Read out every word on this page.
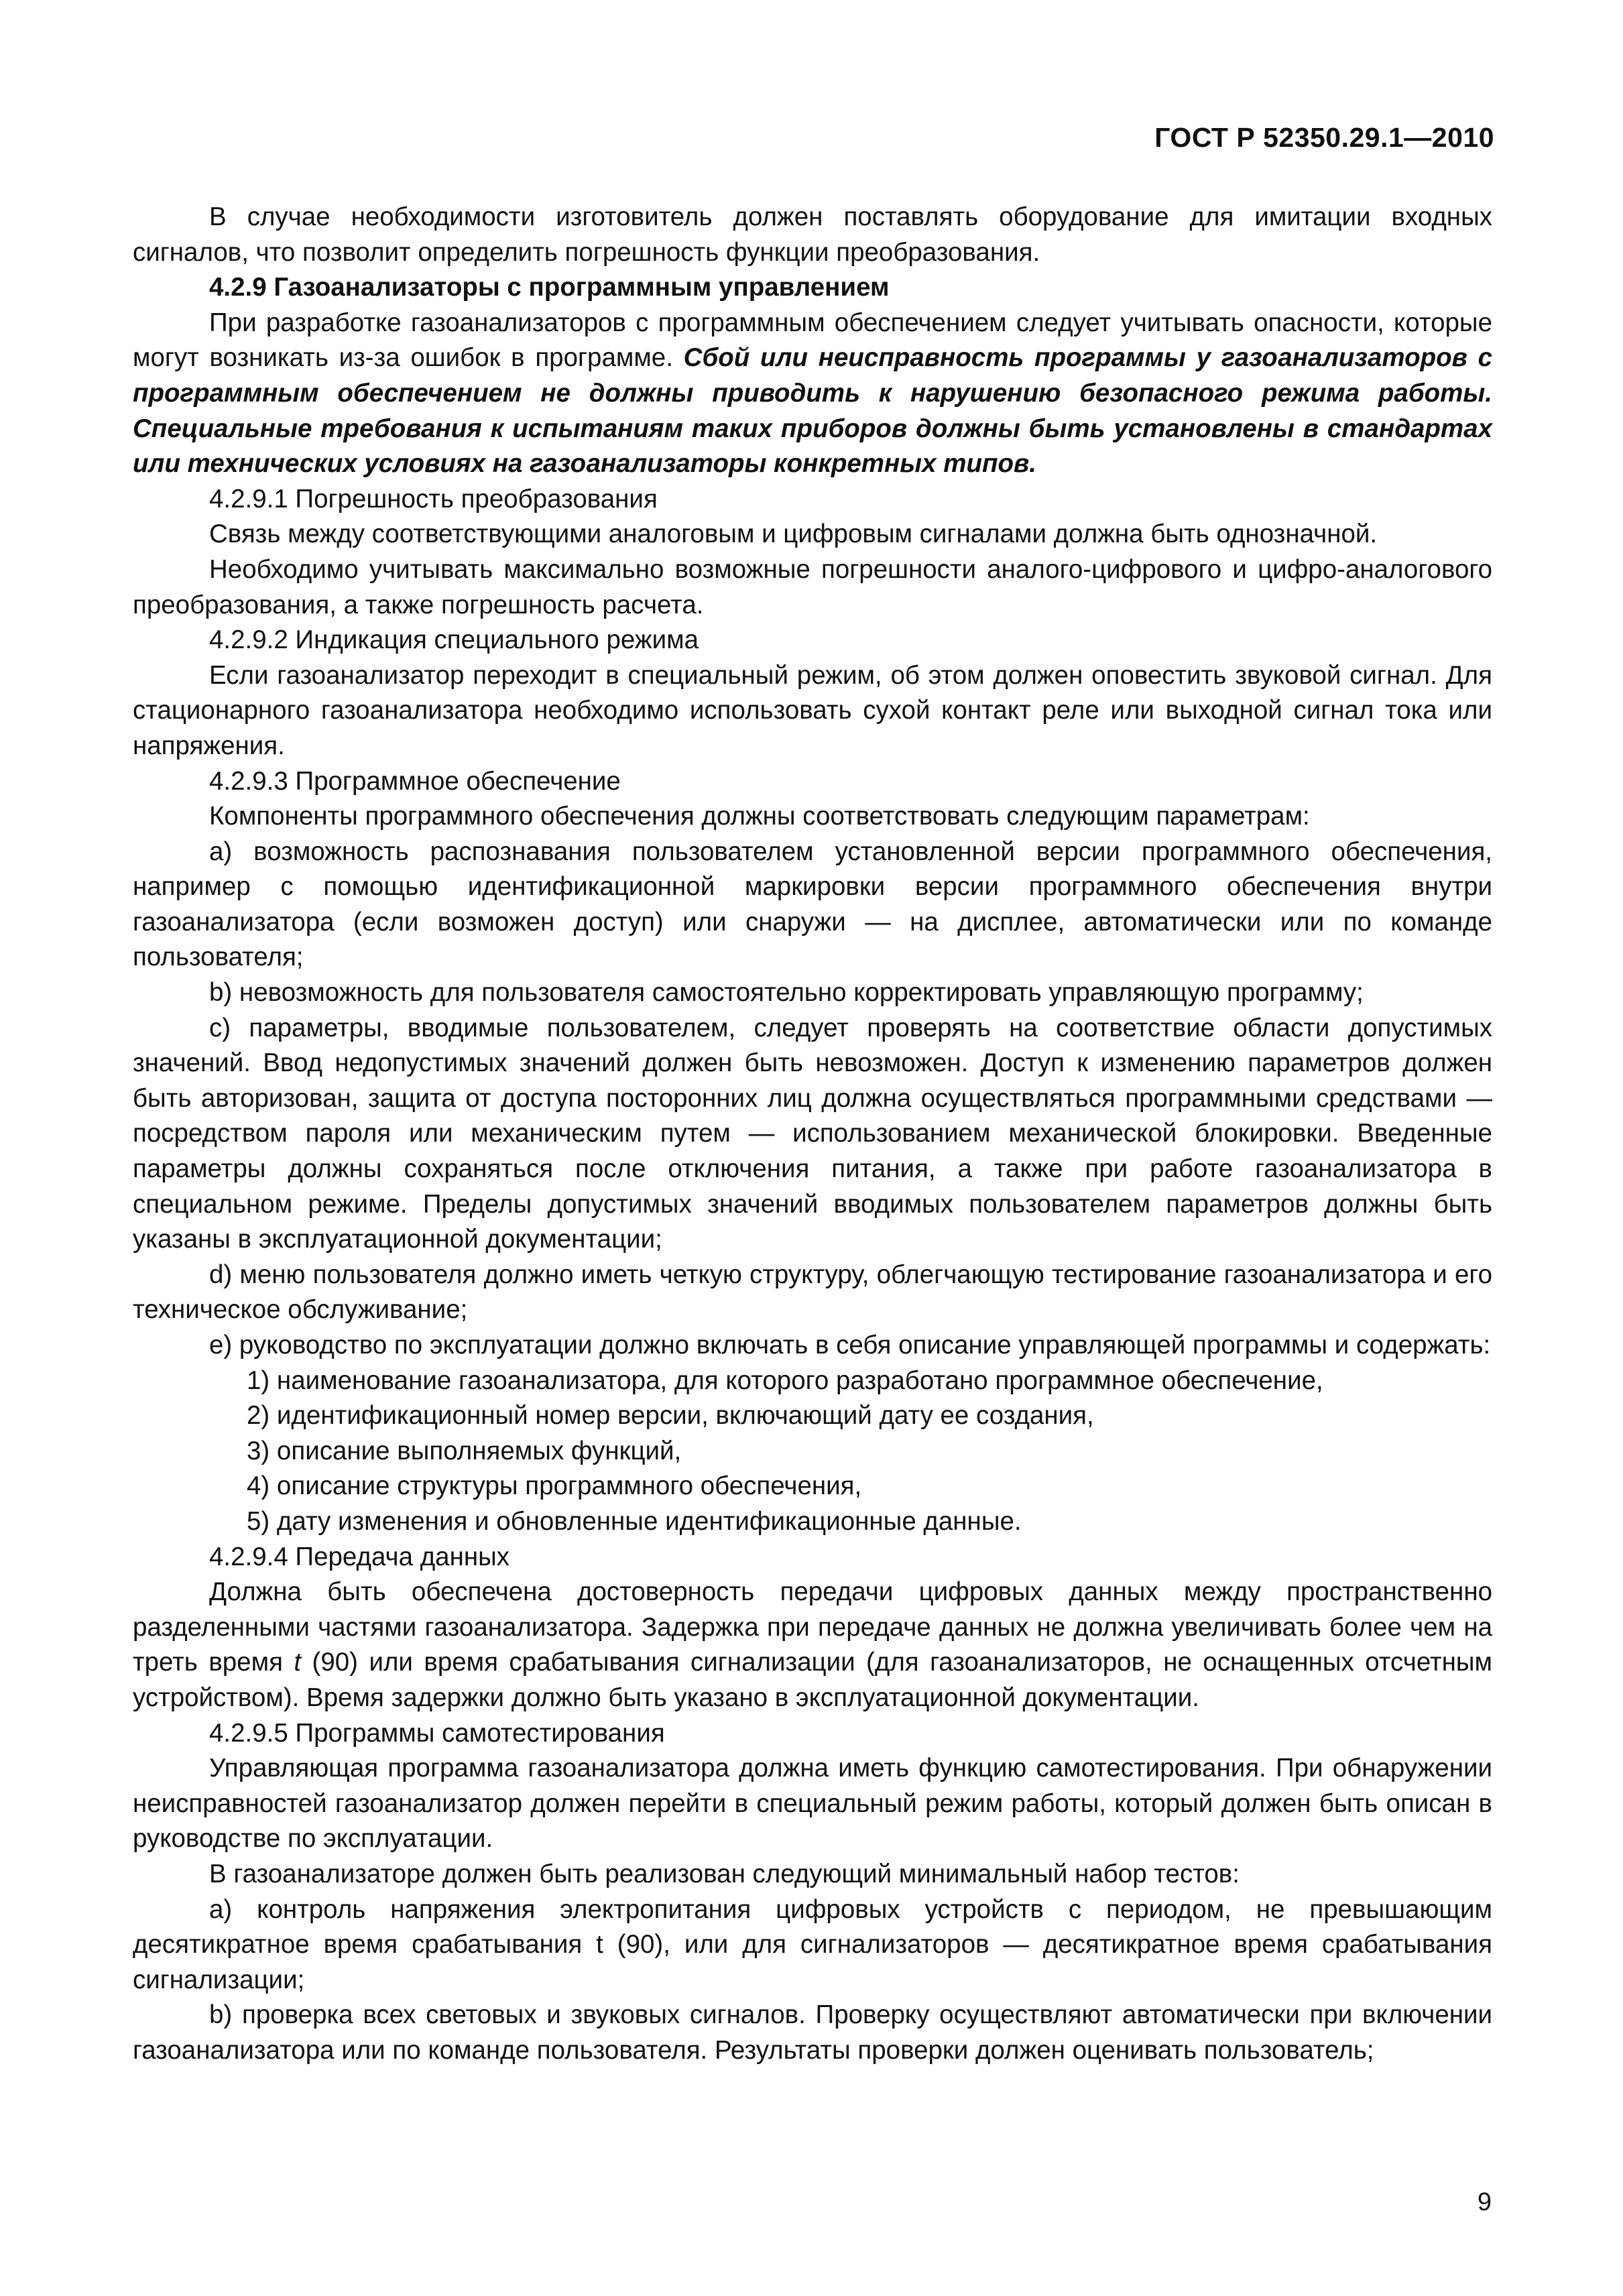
ГОСТ Р 52350.29.1—2010

В случае необходимости изготовитель должен поставлять оборудование для имитации входных сигналов, что позволит определить погрешность функции преобразования.

4.2.9 Газоанализаторы с программным управлением

При разработке газоанализаторов с программным обеспечением следует учитывать опасности, которые могут возникать из-за ошибок в программе. Сбой или неисправность программы у газоанализаторов с программным обеспечением не должны приводить к нарушению безопасного режима работы. Специальные требования к испытаниям таких приборов должны быть установлены в стандартах или технических условиях на газоанализаторы конкретных типов.

4.2.9.1 Погрешность преобразования

Связь между соответствующими аналоговым и цифровым сигналами должна быть однозначной.

Необходимо учитывать максимально возможные погрешности аналого-цифрового и цифро-аналогового преобразования, а также погрешность расчета.

4.2.9.2 Индикация специального режима

Если газоанализатор переходит в специальный режим, об этом должен оповестить звуковой сигнал. Для стационарного газоанализатора необходимо использовать сухой контакт реле или выходной сигнал тока или напряжения.

4.2.9.3 Программное обеспечение

Компоненты программного обеспечения должны соответствовать следующим параметрам:

a) возможность распознавания пользователем установленной версии программного обеспечения, например с помощью идентификационной маркировки версии программного обеспечения внутри газоанализатора (если возможен доступ) или снаружи — на дисплее, автоматически или по команде пользователя;

b) невозможность для пользователя самостоятельно корректировать управляющую программу;

c) параметры, вводимые пользователем, следует проверять на соответствие области допустимых значений. Ввод недопустимых значений должен быть невозможен. Доступ к изменению параметров должен быть авторизован, защита от доступа посторонних лиц должна осуществляться программными средствами — посредством пароля или механическим путем — использованием механической блокировки. Введенные параметры должны сохраняться после отключения питания, а также при работе газоанализатора в специальном режиме. Пределы допустимых значений вводимых пользователем параметров должны быть указаны в эксплуатационной документации;

d) меню пользователя должно иметь четкую структуру, облегчающую тестирование газоанализатора и его техническое обслуживание;

e) руководство по эксплуатации должно включать в себя описание управляющей программы и содержать:

1) наименование газоанализатора, для которого разработано программное обеспечение,

2) идентификационный номер версии, включающий дату ее создания,

3) описание выполняемых функций,

4) описание структуры программного обеспечения,

5) дату изменения и обновленные идентификационные данные.

4.2.9.4 Передача данных

Должна быть обеспечена достоверность передачи цифровых данных между пространственно разделенными частями газоанализатора. Задержка при передаче данных не должна увеличивать более чем на треть время t (90) или время срабатывания сигнализации (для газоанализаторов, не оснащенных отсчетным устройством). Время задержки должно быть указано в эксплуатационной документации.

4.2.9.5 Программы самотестирования

Управляющая программа газоанализатора должна иметь функцию самотестирования. При обнаружении неисправностей газоанализатор должен перейти в специальный режим работы, который должен быть описан в руководстве по эксплуатации.

В газоанализаторе должен быть реализован следующий минимальный набор тестов:

a) контроль напряжения электропитания цифровых устройств с периодом, не превышающим десятикратное время срабатывания t (90), или для сигнализаторов — десятикратное время срабатывания сигнализации;

b) проверка всех световых и звуковых сигналов. Проверку осуществляют автоматически при включении газоанализатора или по команде пользователя. Результаты проверки должен оценивать пользователь;

9
